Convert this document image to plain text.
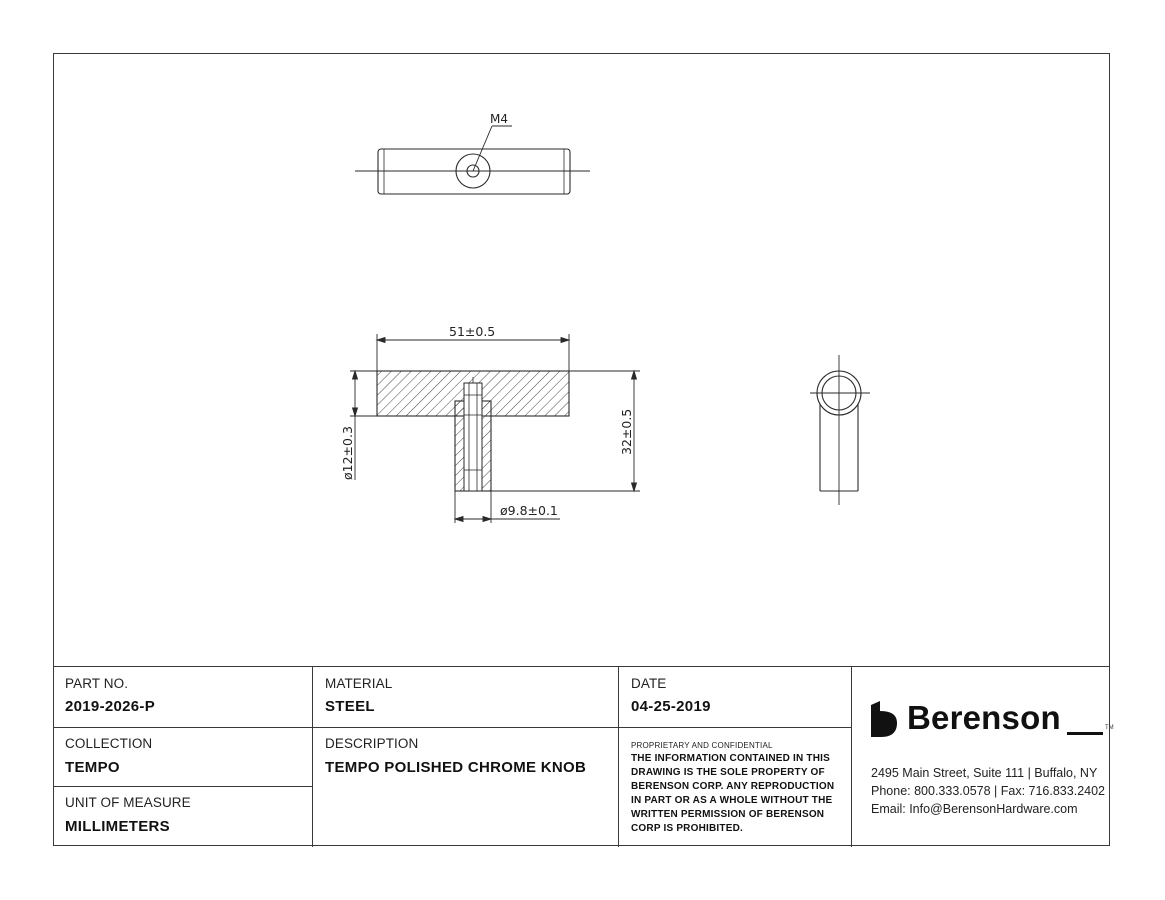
M4
51±0.5
32±0.5
ø12±0.3
ø9.8±0.1
PART NO.
2019-2026-P
COLLECTION
TEMPO
UNIT OF MEASURE
MILLIMETERS
MATERIAL
STEEL
DESCRIPTION
TEMPO POLISHED CHROME KNOB
DATE
04-25-2019
PROPRIETARY AND CONFIDENTIAL
THE INFORMATION CONTAINED IN THIS DRAWING IS THE SOLE PROPERTY OF BERENSON CORP. ANY REPRODUCTION IN PART OR AS A WHOLE WITHOUT THE WRITTEN PERMISSION OF BERENSON CORP IS PROHIBITED.
Berenson	TM
2495 Main Street, Suite 111 | Buffalo, NY
Phone: 800.333.0578 | Fax: 716.833.2402
Email: Info@BerensonHardware.com
